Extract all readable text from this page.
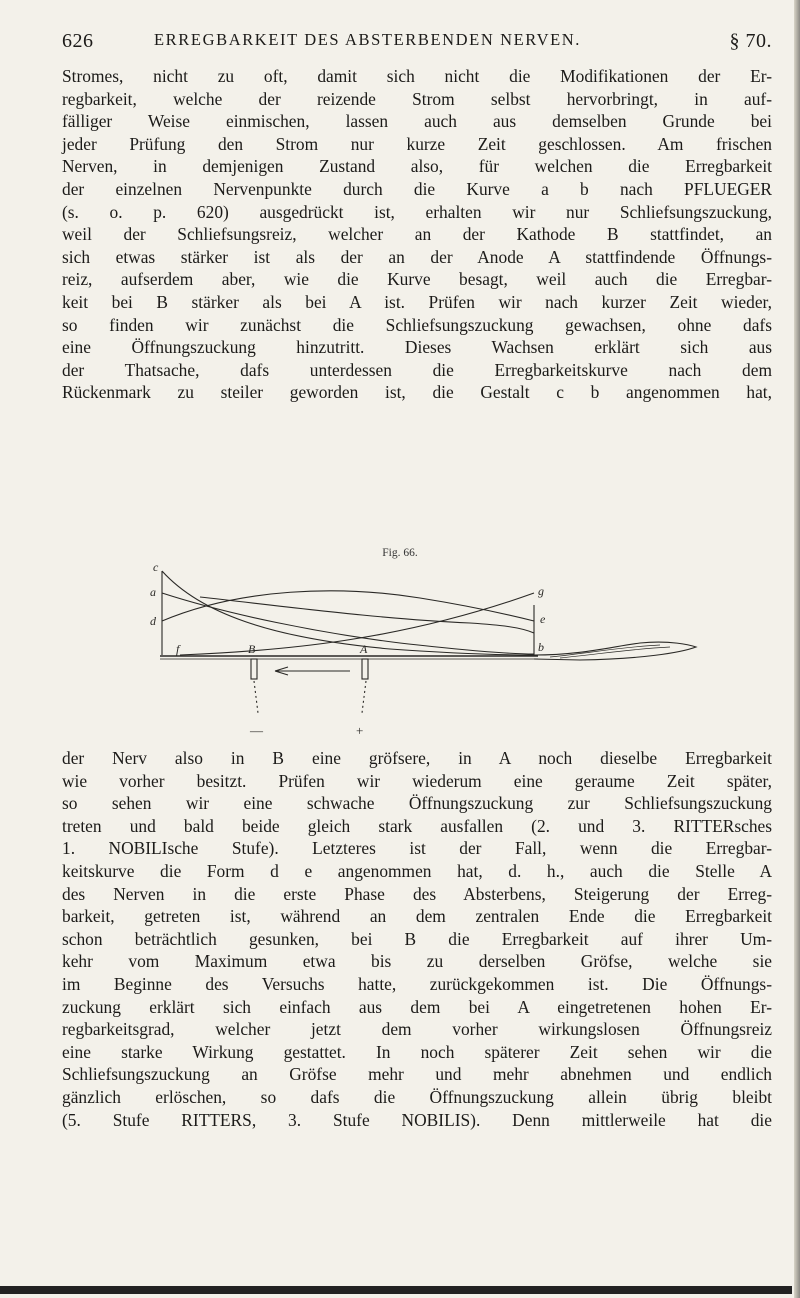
626	ERREGBARKEIT DES ABSTERBENDEN NERVEN.	§ 70.
Stromes, nicht zu oft, damit sich nicht die Modifikationen der Er-
regbarkeit, welche der reizende Strom selbst hervorbringt, in auf-
fälliger Weise einmischen, lassen auch aus demselben Grunde bei
jeder Prüfung den Strom nur kurze Zeit geschlossen. Am frischen
Nerven, in demjenigen Zustand also, für welchen die Erregbarkeit
der einzelnen Nervenpunkte durch die Kurve a b nach PFLUEGER
(s. o. p. 620) ausgedrückt ist, erhalten wir nur Schliefsungszuckung,
weil der Schliefsungsreiz, welcher an der Kathode B stattfindet, an
sich etwas stärker ist als der an der Anode A stattfindende Öffnungs-
reiz, aufserdem aber, wie die Kurve besagt, weil auch die Erregbar-
keit bei B stärker als bei A ist. Prüfen wir nach kurzer Zeit wieder,
so finden wir zunächst die Schliefsungszuckung gewachsen, ohne dafs
eine Öffnungszuckung hinzutritt. Dieses Wachsen erklärt sich aus
der Thatsache, dafs unterdessen die Erregbarkeitskurve nach dem
Rückenmark zu steiler geworden ist, die Gestalt c b angenommen hat,
Fig. 66.
c
a
d
f
g
e
b
B	A
—	+
der Nerv also in B eine gröfsere, in A noch dieselbe Erregbarkeit
wie vorher besitzt. Prüfen wir wiederum eine geraume Zeit später,
so sehen wir eine schwache Öffnungszuckung zur Schliefsungszuckung
treten und bald beide gleich stark ausfallen (2. und 3. RITTERsches
1. NOBILIsche Stufe). Letzteres ist der Fall, wenn die Erregbar-
keitskurve die Form d e angenommen hat, d. h., auch die Stelle A
des Nerven in die erste Phase des Absterbens, Steigerung der Erreg-
barkeit, getreten ist, während an dem zentralen Ende die Erregbarkeit
schon beträchtlich gesunken, bei B die Erregbarkeit auf ihrer Um-
kehr vom Maximum etwa bis zu derselben Gröfse, welche sie
im Beginne des Versuchs hatte, zurückgekommen ist. Die Öffnungs-
zuckung erklärt sich einfach aus dem bei A eingetretenen hohen Er-
regbarkeitsgrad, welcher jetzt dem vorher wirkungslosen Öffnungsreiz
eine starke Wirkung gestattet. In noch späterer Zeit sehen wir die
Schliefsungszuckung an Gröfse mehr und mehr abnehmen und endlich
gänzlich erlöschen, so dafs die Öffnungszuckung allein übrig bleibt
(5. Stufe RITTERS, 3. Stufe NOBILIS). Denn mittlerweile hat die
